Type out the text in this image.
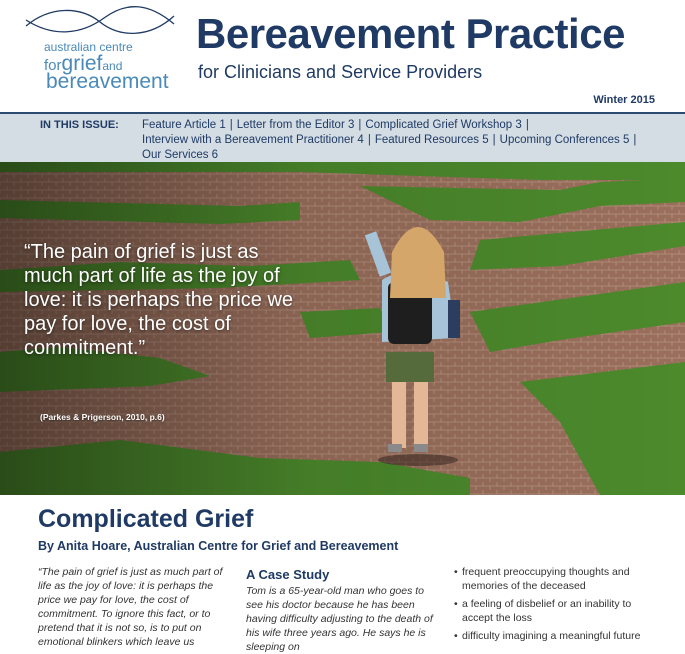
australian centre
forgriefand
bereavement
Bereavement Practice
for Clinicians and Service Providers
Winter 2015
IN THIS ISSUE: Feature Article 1 | Letter from the Editor 3 | Complicated Grief Workshop 3 |
Interview with a Bereavement Practitioner 4 | Featured Resources 5 | Upcoming Conferences 5 |
Our Services 6
“The pain of grief is just as much part of life as the joy of love: it is perhaps the price we pay for love, the cost of commitment.”
(Parkes & Prigerson, 2010, p.6)
Complicated Grief
By Anita Hoare, Australian Centre for Grief and Bereavement
“The pain of grief is just as much part of life as the joy of love: it is perhaps the price we pay for love, the cost of commitment. To ignore this fact, or to pretend that it is not so, is to put on emotional blinkers which leave us
A Case Study
Tom is a 65-year-old man who goes to see his doctor because he has been having difficulty adjusting to the death of his wife three years ago. He says he is sleeping on
• frequent preoccupying thoughts and memories of the deceased
• a feeling of disbelief or an inability to accept the loss
• difficulty imagining a meaningful future
